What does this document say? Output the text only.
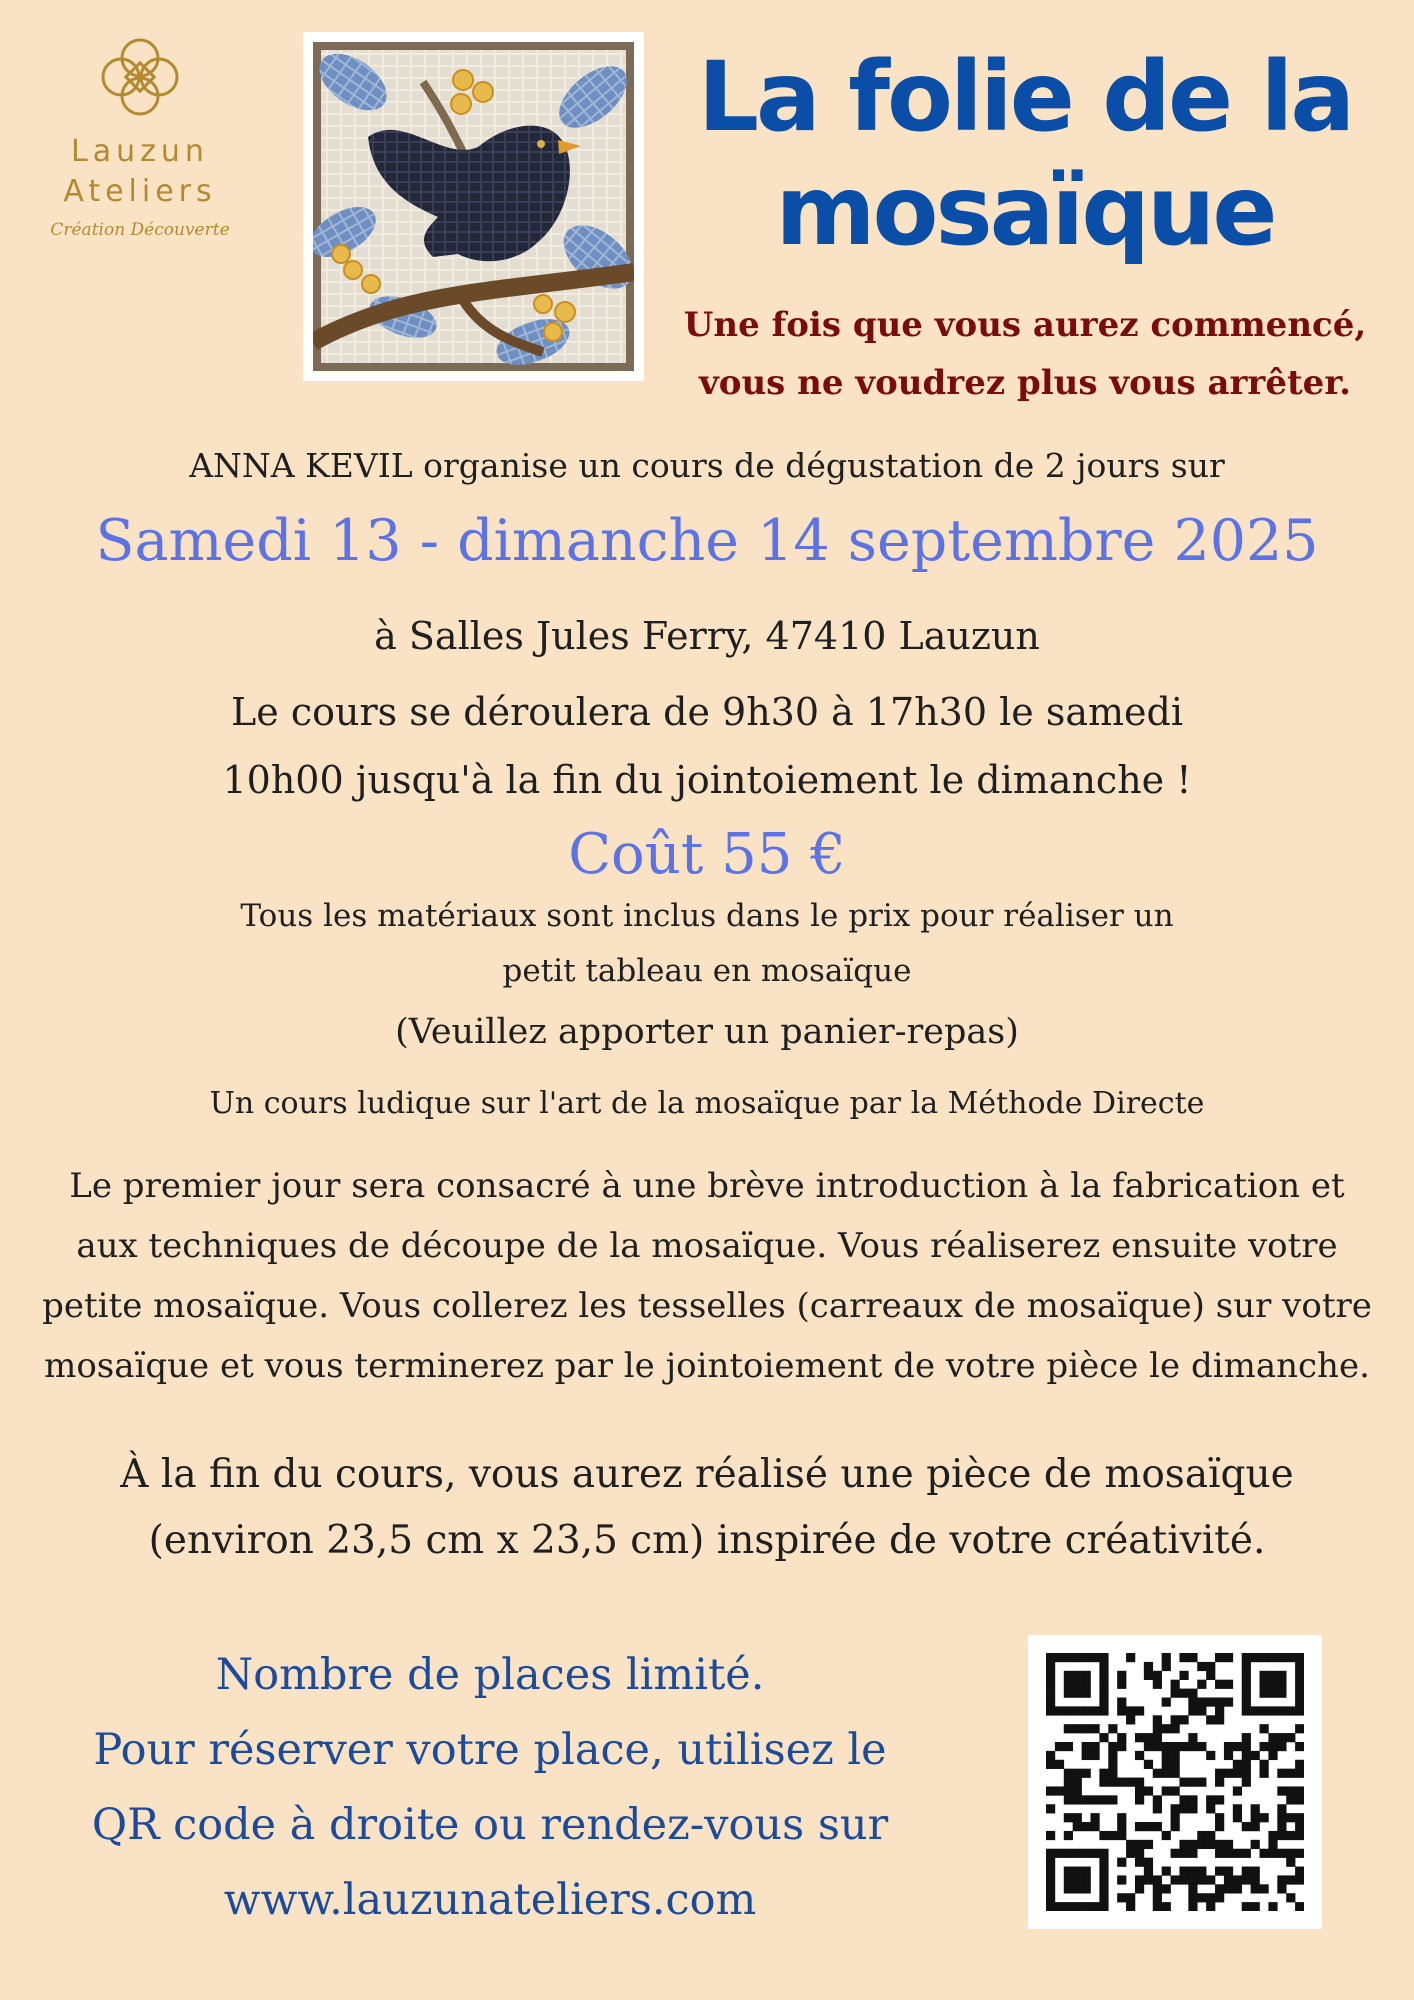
Lauzun
Ateliers
Création Découverte
La folie de la
mosaïque
Une fois que vous aurez commencé,
vous ne voudrez plus vous arrêter.
ANNA KEVIL organise un cours de dégustation de 2 jours sur
Samedi 13 - dimanche 14 septembre 2025
à Salles Jules Ferry, 47410 Lauzun
Le cours se déroulera de 9h30 à 17h30 le samedi
10h00 jusqu'à la fin du jointoiement le dimanche !
Coût 55 €
Tous les matériaux sont inclus dans le prix pour réaliser un
petit tableau en mosaïque
(Veuillez apporter un panier-repas)
Un cours ludique sur l'art de la mosaïque par la Méthode Directe
Le premier jour sera consacré à une brève introduction à la fabrication et
aux techniques de découpe de la mosaïque. Vous réaliserez ensuite votre
petite mosaïque. Vous collerez les tesselles (carreaux de mosaïque) sur votre
mosaïque et vous terminerez par le jointoiement de votre pièce le dimanche.
À la fin du cours, vous aurez réalisé une pièce de mosaïque
(environ 23,5 cm x 23,5 cm) inspirée de votre créativité.
Nombre de places limité.
Pour réserver votre place, utilisez le
QR code à droite ou rendez-vous sur
www.lauzunateliers.com
